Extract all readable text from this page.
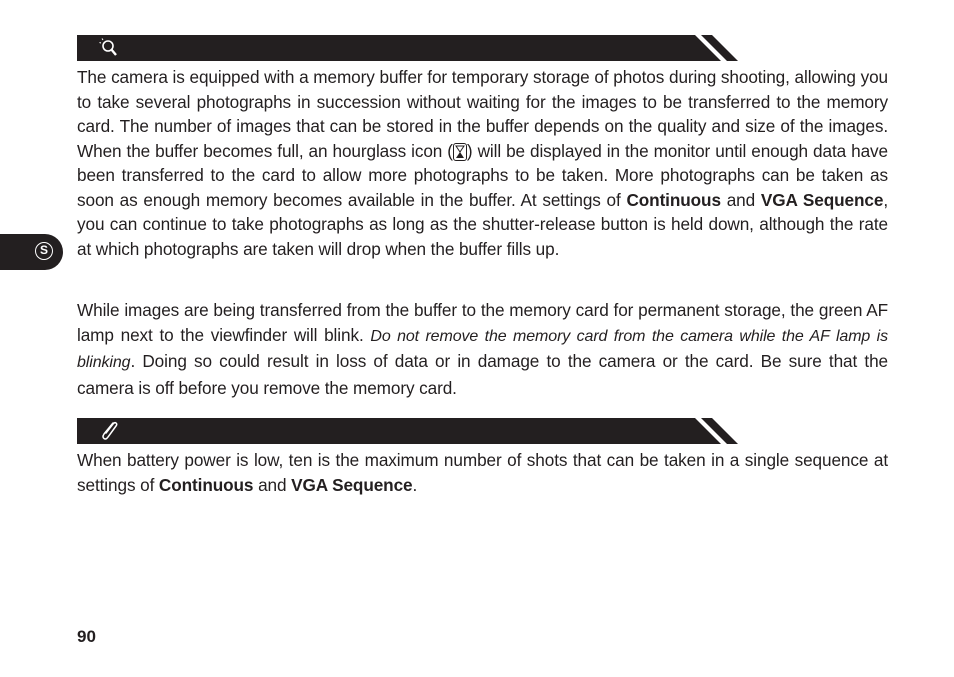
The camera is equipped with a memory buffer for temporary storage of photos during shooting, allowing you to take several photographs in succession without waiting for the images to be transferred to the memory card. The number of images that can be stored in the buffer depends on the quality and size of the images. When the buffer becomes full, an hourglass icon ( ) will be displayed in the monitor until enough data have been transferred to the card to allow more photographs to be taken. More photographs can be taken as soon as enough memory becomes available in the buffer. At settings of Continuous and VGA Sequence, you can continue to take photographs as long as the shutter-release button is held down, although the rate at which photographs are taken will drop when the buffer fills up.
While images are being transferred from the buffer to the memory card for permanent storage, the green AF lamp next to the viewfinder will blink. Do not remove the memory card from the camera while the AF lamp is blinking. Doing so could result in loss of data or in damage to the camera or the card. Be sure that the camera is off before you remove the memory card.
When battery power is low, ten is the maximum number of shots that can be taken in a single sequence at settings of Continuous and VGA Sequence.
S
90
